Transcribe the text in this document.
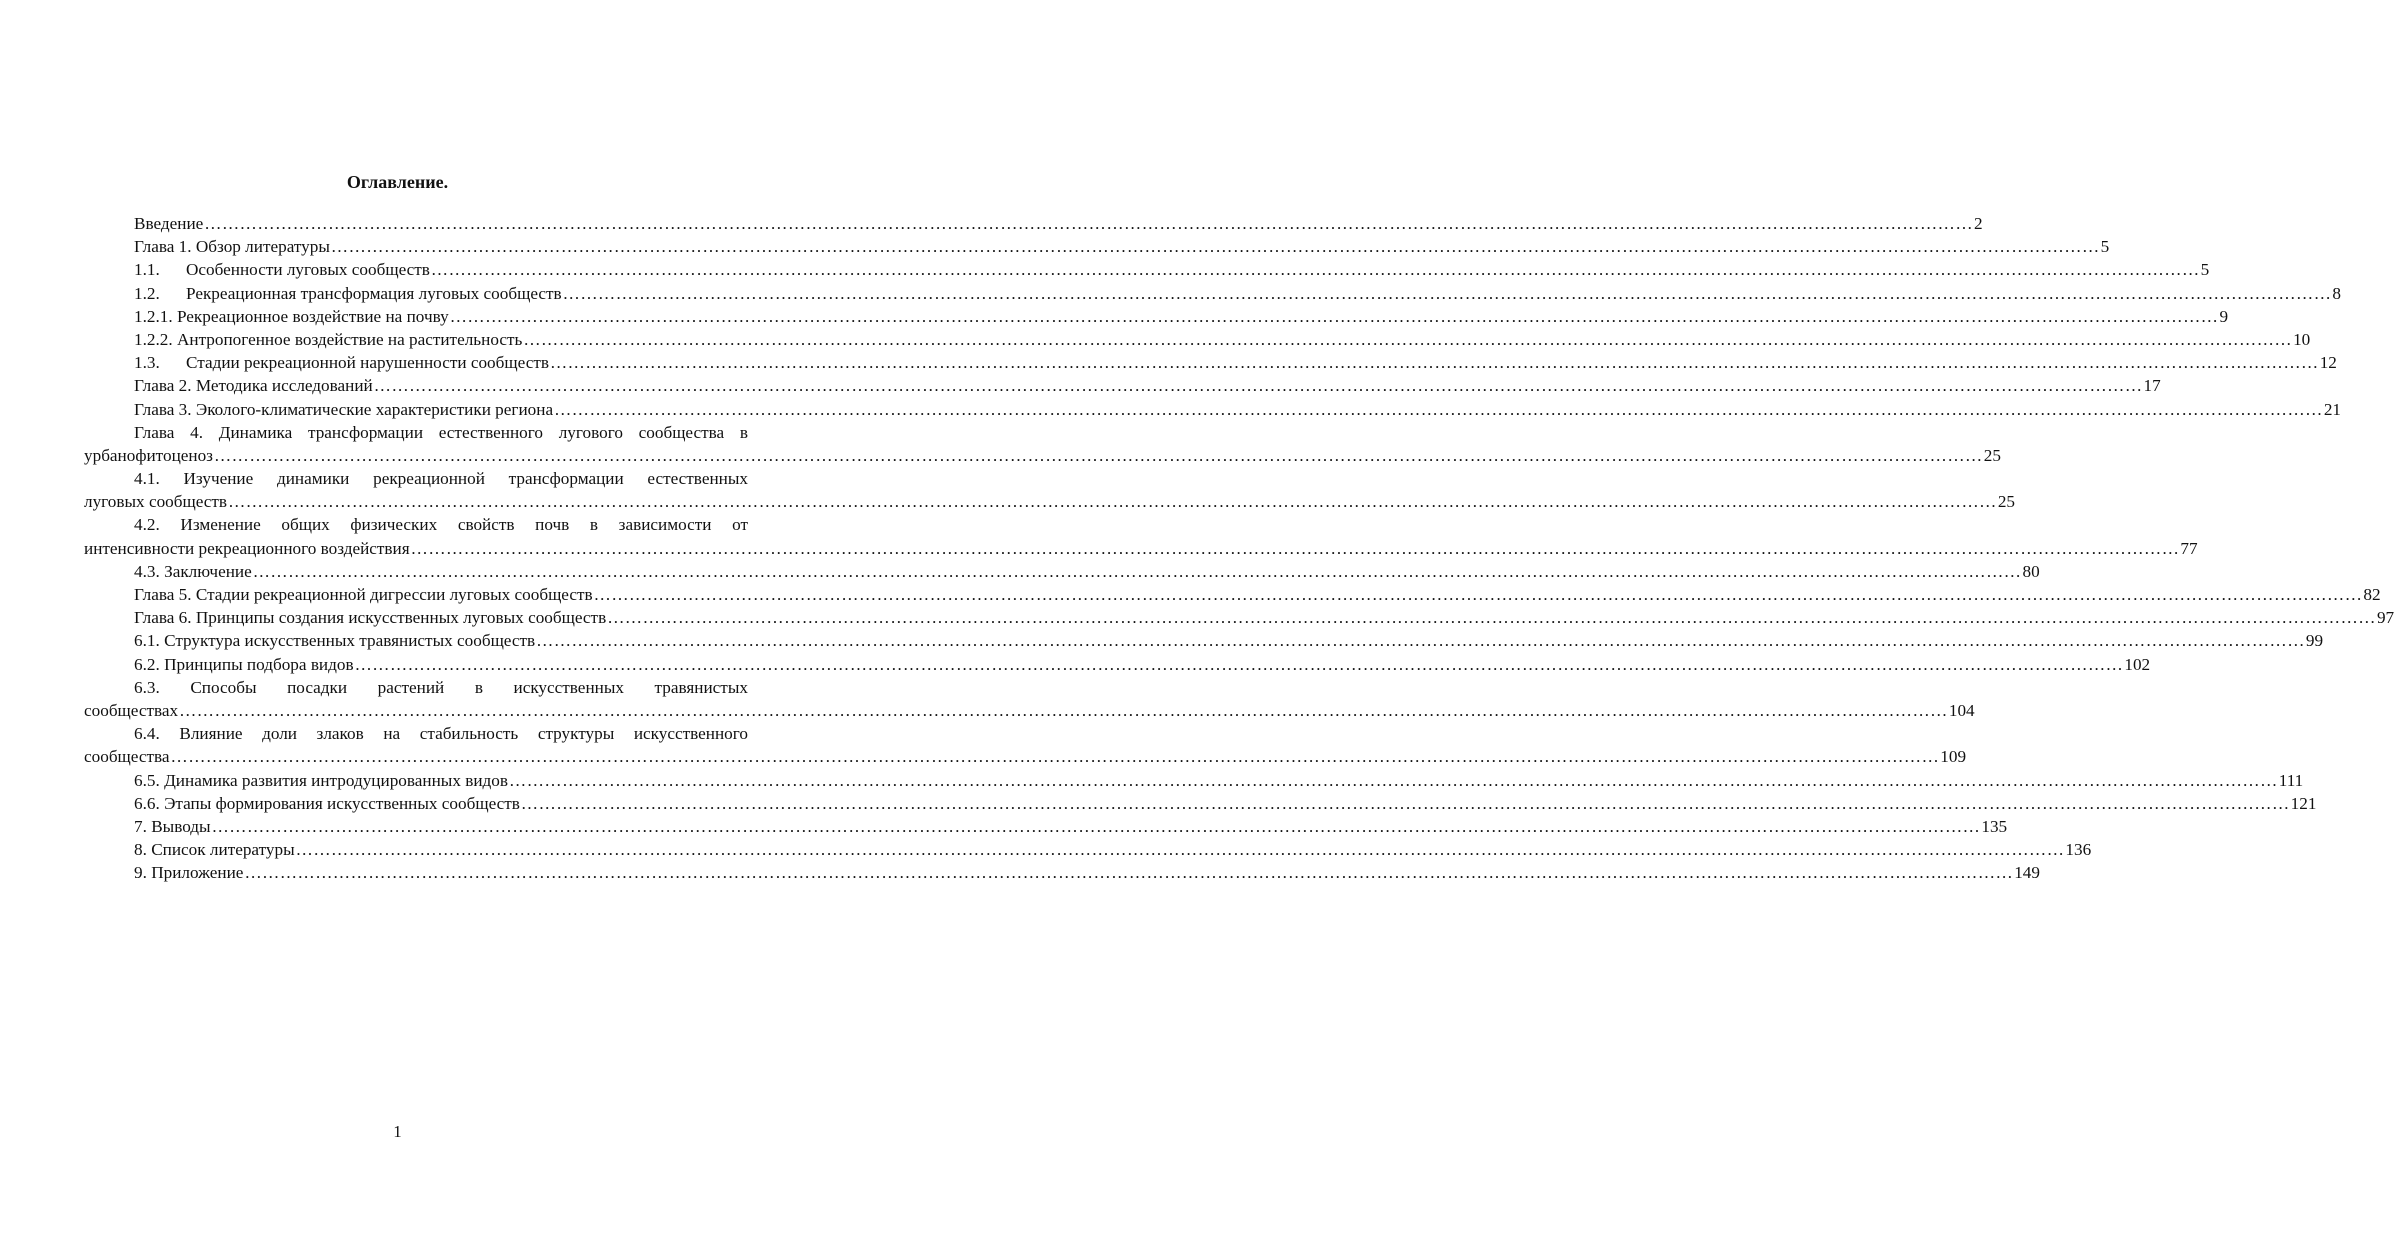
Оглавление.
Введение ………………………………………………………………………………………………………………………………………………………………………………………………………………………………………………………………………… 2
Глава 1. Обзор литературы ………………………………………………………………………………………………………………………………………………………………………………………………………………………………………………………………………… 5
1.1. Особенности луговых сообществ ………………………………………………………………………………………………………………………………………………………………………………………………………………………………………………………………………… 5
1.2. Рекреационная трансформация луговых сообществ ………………………………………………………………………………………………………………………………………………………………………………………………………………………………………………………………………… 8
1.2.1. Рекреационное воздействие на почву ………………………………………………………………………………………………………………………………………………………………………………………………………………………………………………………………………… 9
1.2.2. Антропогенное воздействие на растительность ………………………………………………………………………………………………………………………………………………………………………………………………………………………………………………………………………… 10
1.3. Стадии рекреационной нарушенности сообществ ………………………………………………………………………………………………………………………………………………………………………………………………………………………………………………………………………… 12
Глава 2. Методика исследований ………………………………………………………………………………………………………………………………………………………………………………………………………………………………………………………………………… 17
Глава 3. Эколого-климатические характеристики региона ………………………………………………………………………………………………………………………………………………………………………………………………………………………………………………………………………… 21
Глава 4. Динамика трансформации естественного лугового сообщества в
урбанофитоценоз ………………………………………………………………………………………………………………………………………………………………………………………………………………………………………………………………………… 25
4.1. Изучение динамики рекреационной трансформации естественных
луговых сообществ ………………………………………………………………………………………………………………………………………………………………………………………………………………………………………………………………………… 25
4.2. Изменение общих физических свойств почв в зависимости от
интенсивности рекреационного воздействия ………………………………………………………………………………………………………………………………………………………………………………………………………………………………………………………………………… 77
4.3. Заключение ………………………………………………………………………………………………………………………………………………………………………………………………………………………………………………………………………… 80
Глава 5. Стадии рекреационной дигрессии луговых сообществ ………………………………………………………………………………………………………………………………………………………………………………………………………………………………………………………………………… 82
Глава 6. Принципы создания искусственных луговых сообществ ………………………………………………………………………………………………………………………………………………………………………………………………………………………………………………………………………… 97
6.1. Структура искусственных травянистых сообществ ………………………………………………………………………………………………………………………………………………………………………………………………………………………………………………………………………… 99
6.2. Принципы подбора видов ………………………………………………………………………………………………………………………………………………………………………………………………………………………………………………………………………… 102
6.3. Способы посадки растений в искусственных травянистых
сообществах ………………………………………………………………………………………………………………………………………………………………………………………………………………………………………………………………………… 104
6.4. Влияние доли злаков на стабильность структуры искусственного
сообщества ………………………………………………………………………………………………………………………………………………………………………………………………………………………………………………………………………… 109
6.5. Динамика развития интродуцированных видов ………………………………………………………………………………………………………………………………………………………………………………………………………………………………………………………………………… 111
6.6. Этапы формирования искусственных сообществ ………………………………………………………………………………………………………………………………………………………………………………………………………………………………………………………………………… 121
7. Выводы ………………………………………………………………………………………………………………………………………………………………………………………………………………………………………………………………………… 135
8. Список литературы ………………………………………………………………………………………………………………………………………………………………………………………………………………………………………………………………………… 136
9. Приложение ………………………………………………………………………………………………………………………………………………………………………………………………………………………………………………………………………… 149
1
